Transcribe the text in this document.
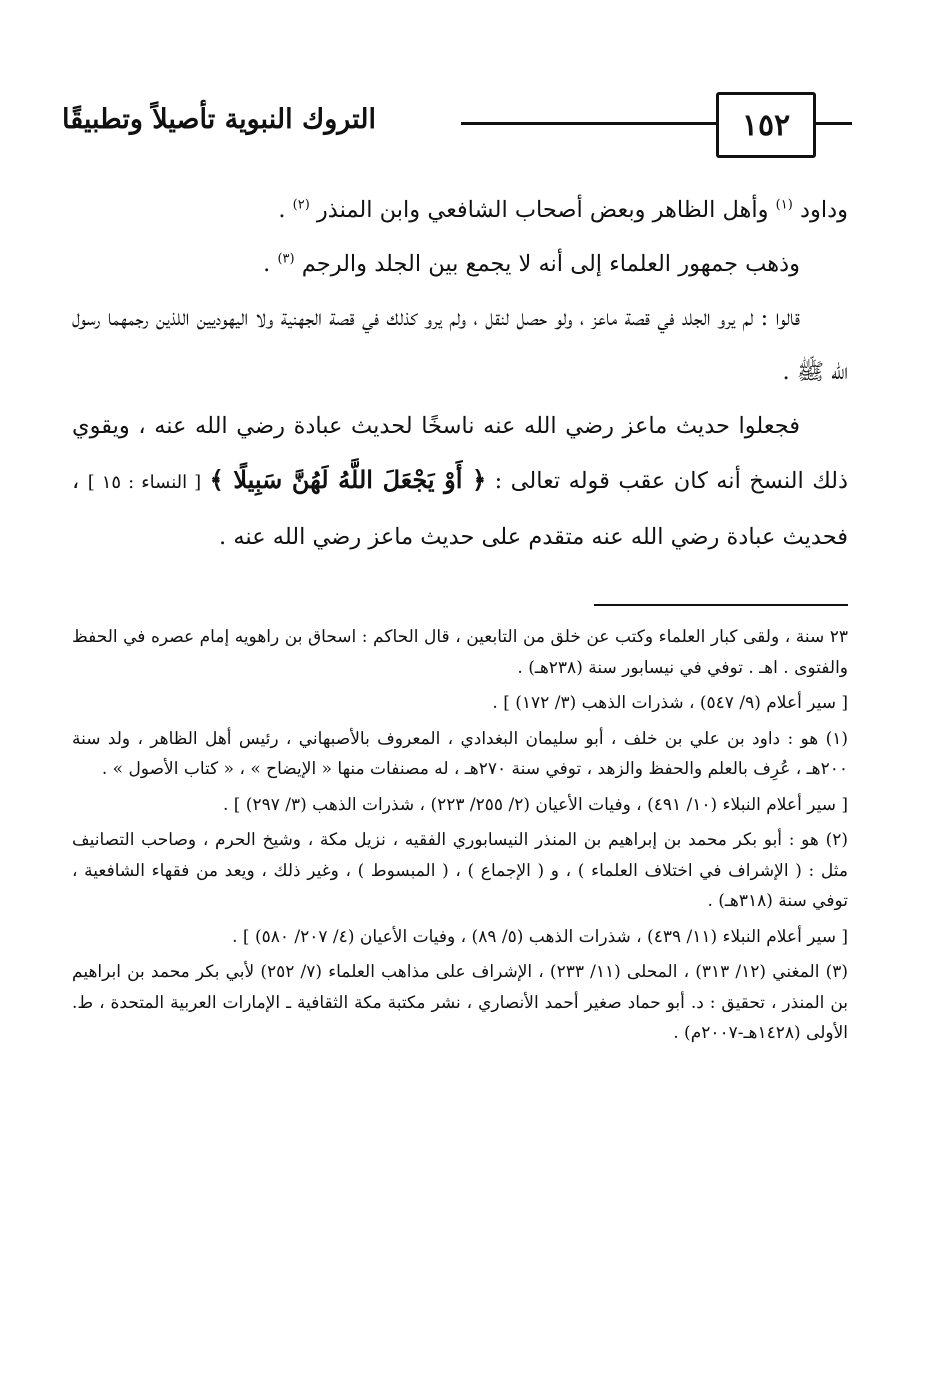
١٥٢
التروك النبوية تأصيلاً وتطبيقًا

وداود $^{(١)}$ وأهل الظاهر وبعض أصحاب الشافعي وابن المنذر $^{(٢)}$ .

وذهب جمهور العلماء إلى أنه لا يجمع بين الجلد والرجم $^{(٣)}$ .

قالوا : لم يرو الجلد في قصة ماعز ، ولو حصل لنقل ، ولم يرو كذلك في قصة الجهنية ولا اليهوديين اللذين رجمهما رسول الله ﷺ .

فجعلوا حديث ماعز رضي الله عنه ناسخًا لحديث عبادة رضي الله عنه ، ويقوي ذلك النسخ أنه كان عقب قوله تعالى : ﴿ أَوْ يَجْعَلَ اللَّهُ لَهُنَّ سَبِيلًا ﴾ [ النساء : ١٥ ] ، فحديث عبادة رضي الله عنه متقدم على حديث ماعز رضي الله عنه .

٢٣ سنة ، ولقى كبار العلماء وكتب عن خلق من التابعين ، قال الحاكم : اسحاق بن راهويه إمام عصره في الحفظ والفتوى . اهـ . توفي في نيسابور سنة (٢٣٨هـ) .

[ سير أعلام (٩/ ٥٤٧) ، شذرات الذهب (٣/ ١٧٢) ] .

(١) هو : داود بن علي بن خلف ، أبو سليمان البغدادي ، المعروف بالأصبهاني ، رئيس أهل الظاهر ، ولد سنة ٢٠٠هـ ، عُرِف بالعلم والحفظ والزهد ، توفي سنة ٢٧٠هـ ، له مصنفات منها « الإيضاح » ، « كتاب الأصول » .

[ سير أعلام النبلاء (١٠/ ٤٩١) ، وفيات الأعيان (٢/ ٢٥٥/ ٢٢٣) ، شذرات الذهب (٣/ ٢٩٧) ] .

(٢) هو : أبو بكر محمد بن إبراهيم بن المنذر النيسابوري الفقيه ، نزيل مكة ، وشيخ الحرم ، وصاحب التصانيف مثل : ( الإشراف في اختلاف العلماء ) ، و ( الإجماع ) ، ( المبسوط ) ، وغير ذلك ، ويعد من فقهاء الشافعية ، توفي سنة (٣١٨هـ) .

[ سير أعلام النبلاء (١١/ ٤٣٩) ، شذرات الذهب (٥/ ٨٩) ، وفيات الأعيان (٤/ ٢٠٧/ ٥٨٠) ] .

(٣) المغني (١٢/ ٣١٣) ، المحلى (١١/ ٢٣٣) ، الإشراف على مذاهب العلماء (٧/ ٢٥٢) لأبي بكر محمد بن ابراهيم بن المنذر ، تحقيق : د. أبو حماد صغير أحمد الأنصاري ، نشر مكتبة مكة الثقافية ـ الإمارات العربية المتحدة ، ط. الأولى (١٤٢٨هـ-٢٠٠٧م) .
